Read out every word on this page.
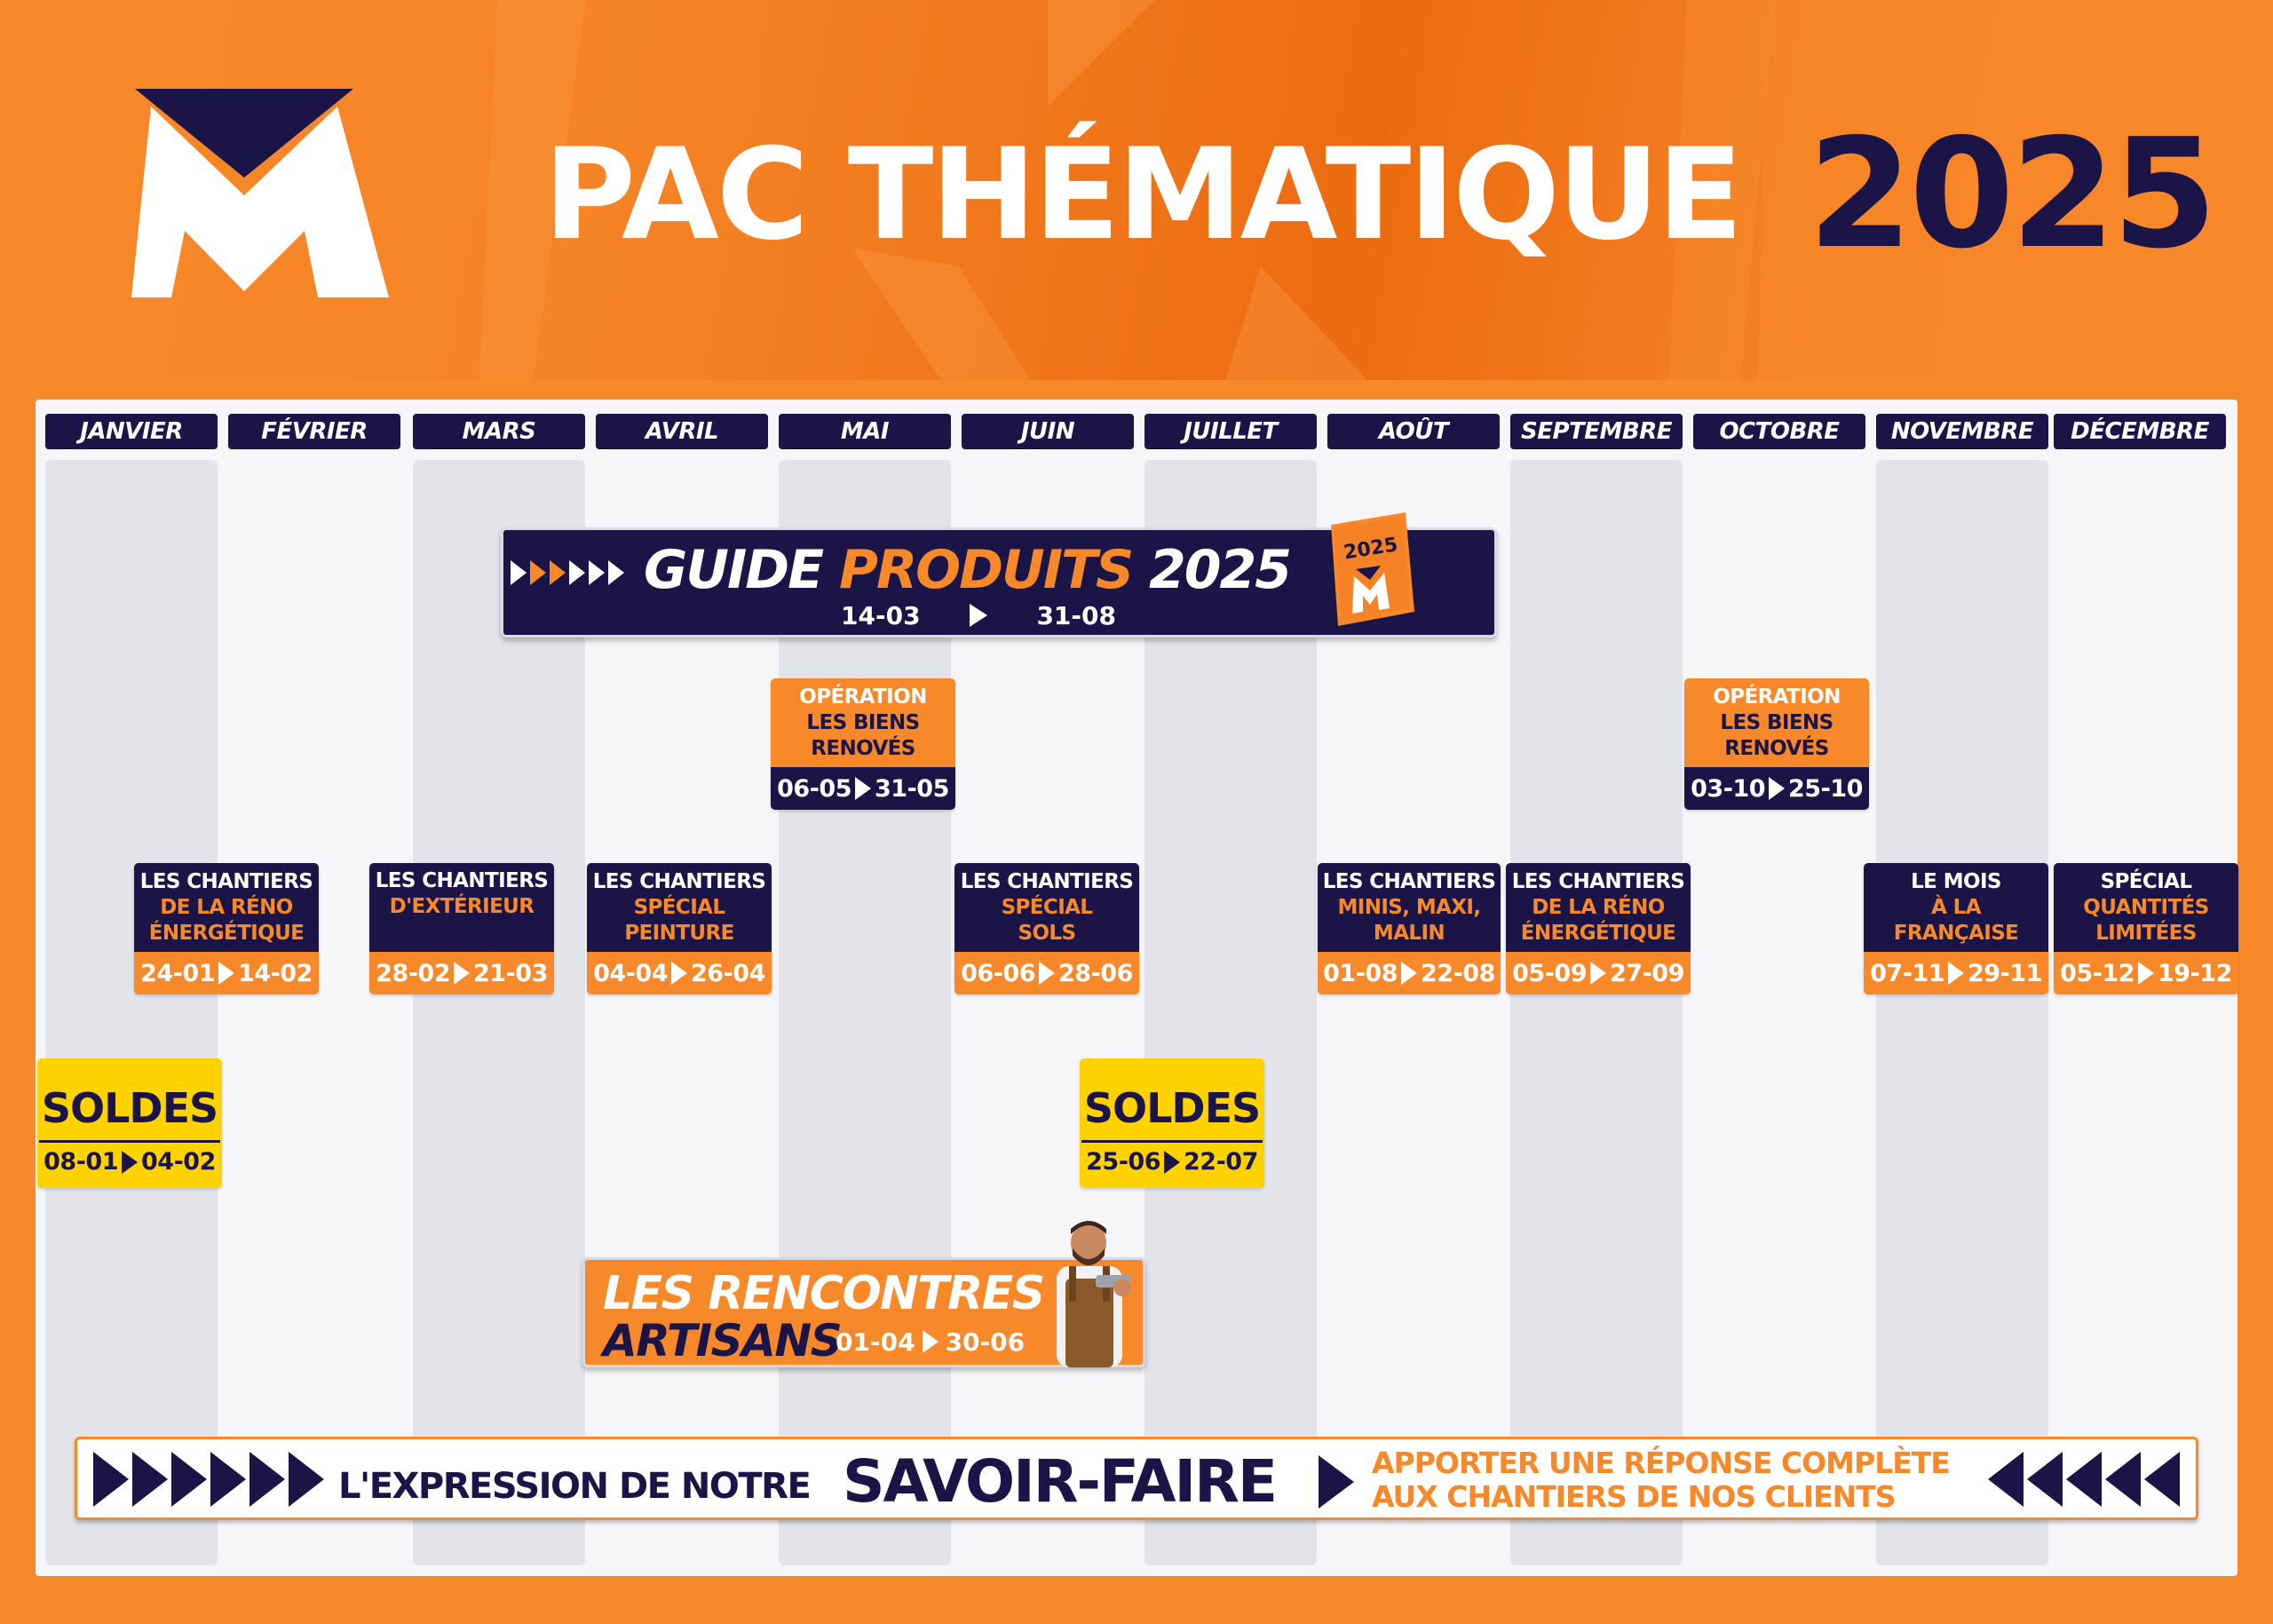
PAC THÉMATIQUE 2025
JANVIER	FÉVRIER	MARS	AVRIL	MAI	JUIN	JUILLET	AOÛT	SEPTEMBRE	OCTOBRE	NOVEMBRE	DÉCEMBRE
GUIDE PRODUITS 2025
14-03	31-08
2025
OPÉRATION
LES BIENS
RENOVÉS
06-05 31-05
OPÉRATION
LES BIENS
RENOVÉS
03-10 25-10
LES CHANTIERS
DE LA RÉNO
ÉNERGÉTIQUE
24-01 14-02
LES CHANTIERS
D'EXTÉRIEUR
28-02 21-03
LES CHANTIERS
SPÉCIAL
PEINTURE
04-04 26-04
LES CHANTIERS
SPÉCIAL
SOLS
06-06 28-06
LES CHANTIERS
MINIS, MAXI,
MALIN
01-08 22-08
LES CHANTIERS
DE LA RÉNO
ÉNERGÉTIQUE
05-09 27-09
LE MOIS
À LA
FRANÇAISE
07-11 29-11
SPÉCIAL
QUANTITÉS
LIMITÉES
05-12 19-12
SOLDES
08-01 04-02
SOLDES
25-06 22-07
LES RENCONTRES
ARTISANS
01-04 30-06
L'EXPRESSION DE NOTRE SAVOIR-FAIRE	APPORTER UNE RÉPONSE COMPLÈTE
AUX CHANTIERS DE NOS CLIENTS
